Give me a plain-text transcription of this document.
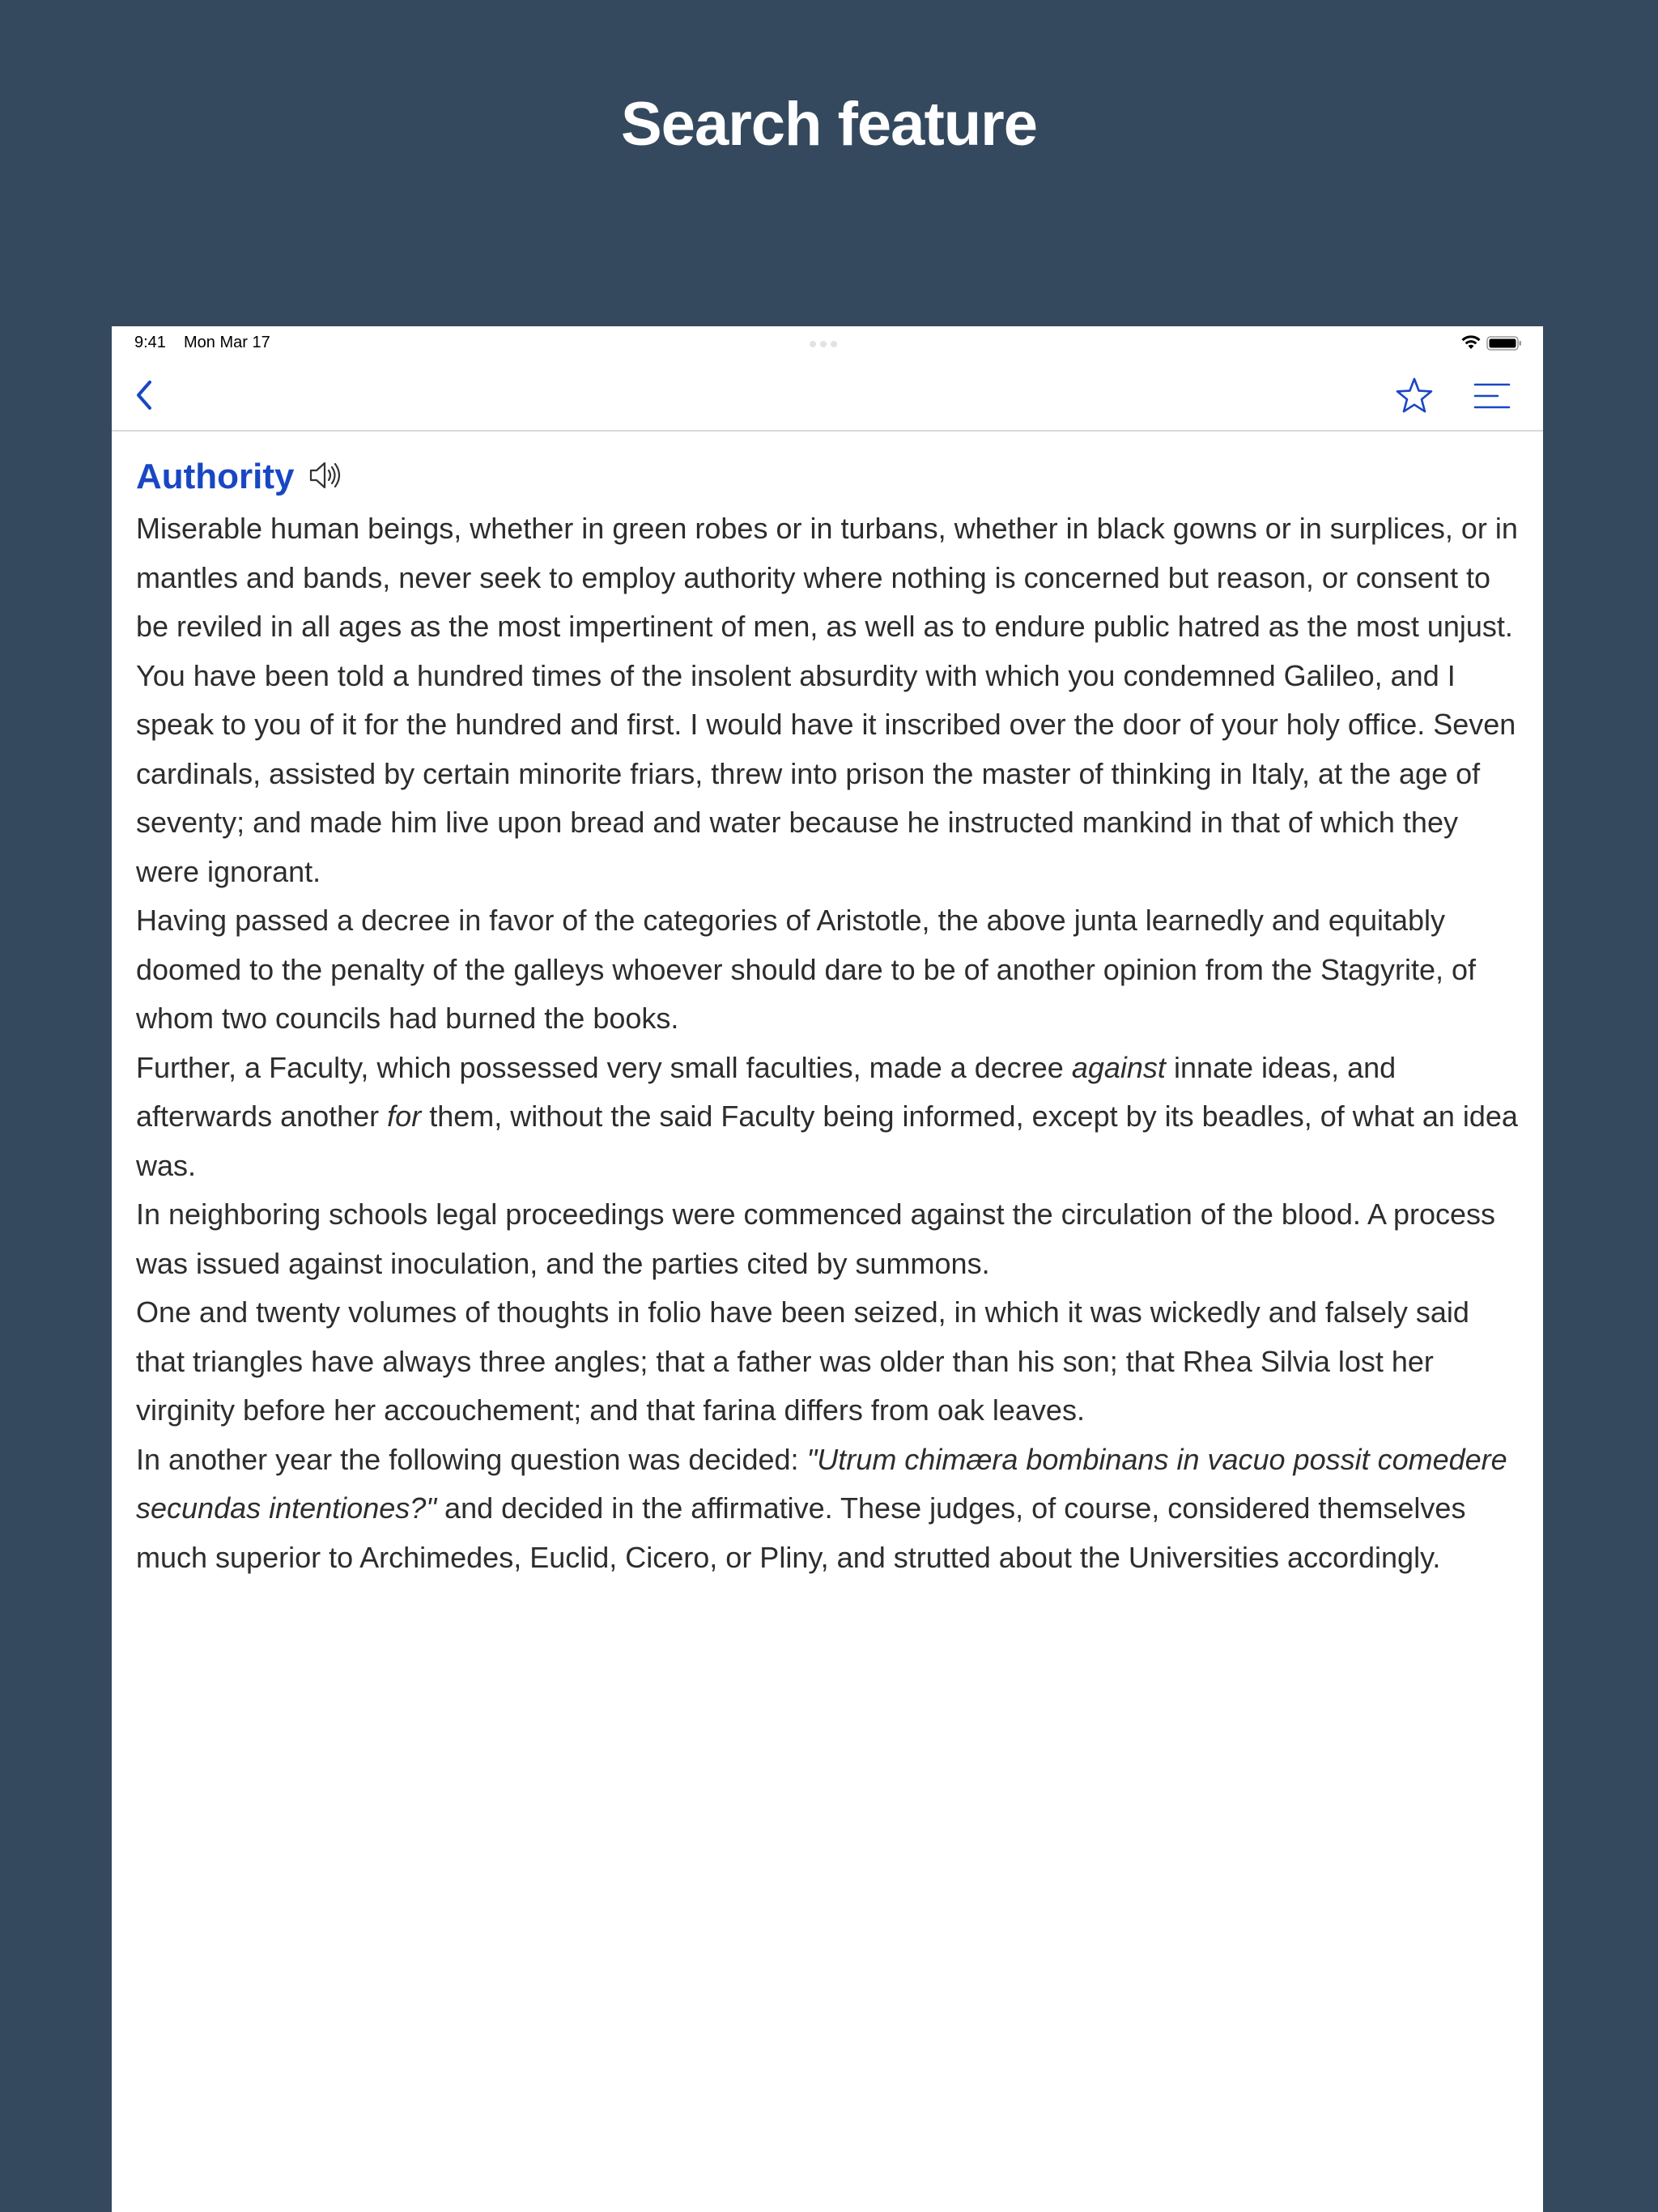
Search feature
9:41 Mon Mar 17
Authority

Miserable human beings, whether in green robes or in turbans, whether in black gowns or in surplices, or in mantles and bands, never seek to employ authority where nothing is concerned but reason, or consent to be reviled in all ages as the most impertinent of men, as well as to endure public hatred as the most unjust.

You have been told a hundred times of the insolent absurdity with which you condemned Galileo, and I speak to you of it for the hundred and first. I would have it inscribed over the door of your holy office. Seven cardinals, assisted by certain minorite friars, threw into prison the master of thinking in Italy, at the age of seventy; and made him live upon bread and water because he instructed mankind in that of which they were ignorant.

Having passed a decree in favor of the categories of Aristotle, the above junta learnedly and equitably doomed to the penalty of the galleys whoever should dare to be of another opinion from the Stagyrite, of whom two councils had burned the books.

Further, a Faculty, which possessed very small faculties, made a decree against innate ideas, and afterwards another for them, without the said Faculty being informed, except by its beadles, of what an idea was.

In neighboring schools legal proceedings were commenced against the circulation of the blood. A process was issued against inoculation, and the parties cited by summons.

One and twenty volumes of thoughts in folio have been seized, in which it was wickedly and falsely said that triangles have always three angles; that a father was older than his son; that Rhea Silvia lost her virginity before her accouchement; and that farina differs from oak leaves.

In another year the following question was decided: "Utrum chimæra bombinans in vacuo possit comedere secundas intentiones?" and decided in the affirmative. These judges, of course, considered themselves much superior to Archimedes, Euclid, Cicero, or Pliny, and strutted about the Universities accordingly.
